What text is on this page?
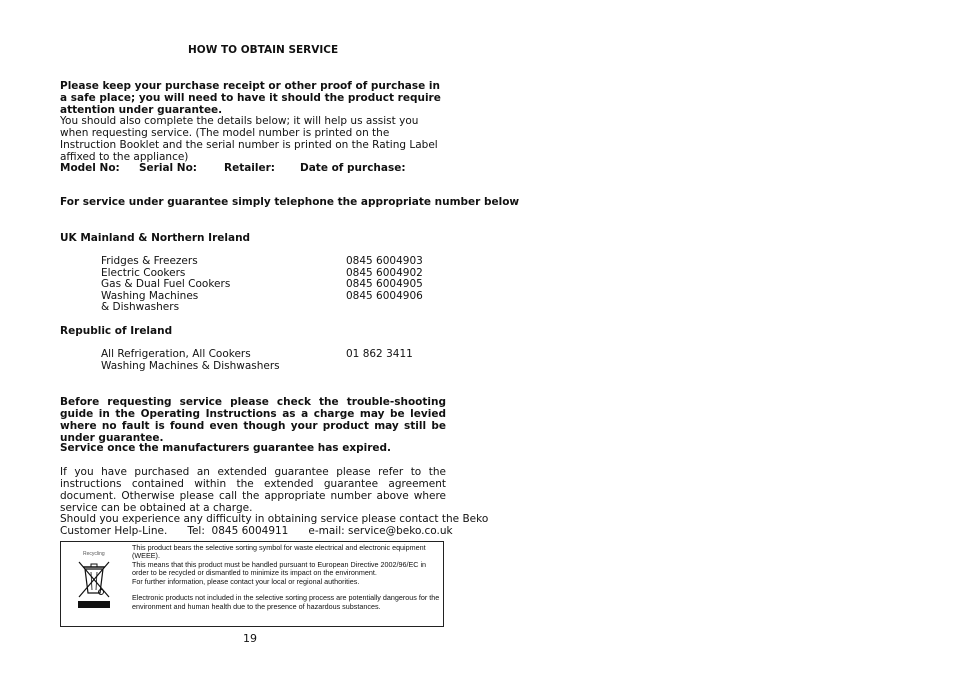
HOW TO OBTAIN SERVICE
Please keep your purchase receipt or other proof of purchase in a safe place; you will need to have it should the product require attention under guarantee.
You should also complete the details below; it will help us assist you when requesting service. (The model number is printed on the Instruction Booklet and the serial number is printed on the Rating Label affixed to the appliance)
Model No: Serial No:	Retailer: Date of purchase:
For service under guarantee simply telephone the appropriate number below
UK Mainland & Northern Ireland
Fridges & Freezers	0845 6004903
Electric Cookers	0845 6004902
Gas & Dual Fuel Cookers	0845 6004905
Washing Machines	0845 6004906
& Dishwashers
Republic of Ireland
All Refrigeration, All Cookers	01 862 3411
Washing Machines & Dishwashers
Before requesting service please check the trouble-shooting guide in the Operating Instructions as a charge may be levied where no fault is found even though your product may still be under guarantee.
Service once the manufacturers guarantee has expired.
If you have purchased an extended guarantee please refer to the instructions contained within the extended guarantee agreement document. Otherwise please call the appropriate number above where service can be obtained at a charge.
Should you experience any difficulty in obtaining service please contact the Beko
Customer Help-Line.      Tel:  0845 6004911      e-mail: service@beko.co.uk
Recycling

This product bears the selective sorting symbol for waste electrical and electronic equipment (WEEE).

This means that this product must be handled pursuant to European Directive 2002/96/EC in order to be recycled or dismantled to minimize its impact on the environment.

For further information, please contact your local or regional authorities.

Electronic products not included in the selective sorting process are potentially dangerous for the environment and human health due to the presence of hazardous substances.

19
